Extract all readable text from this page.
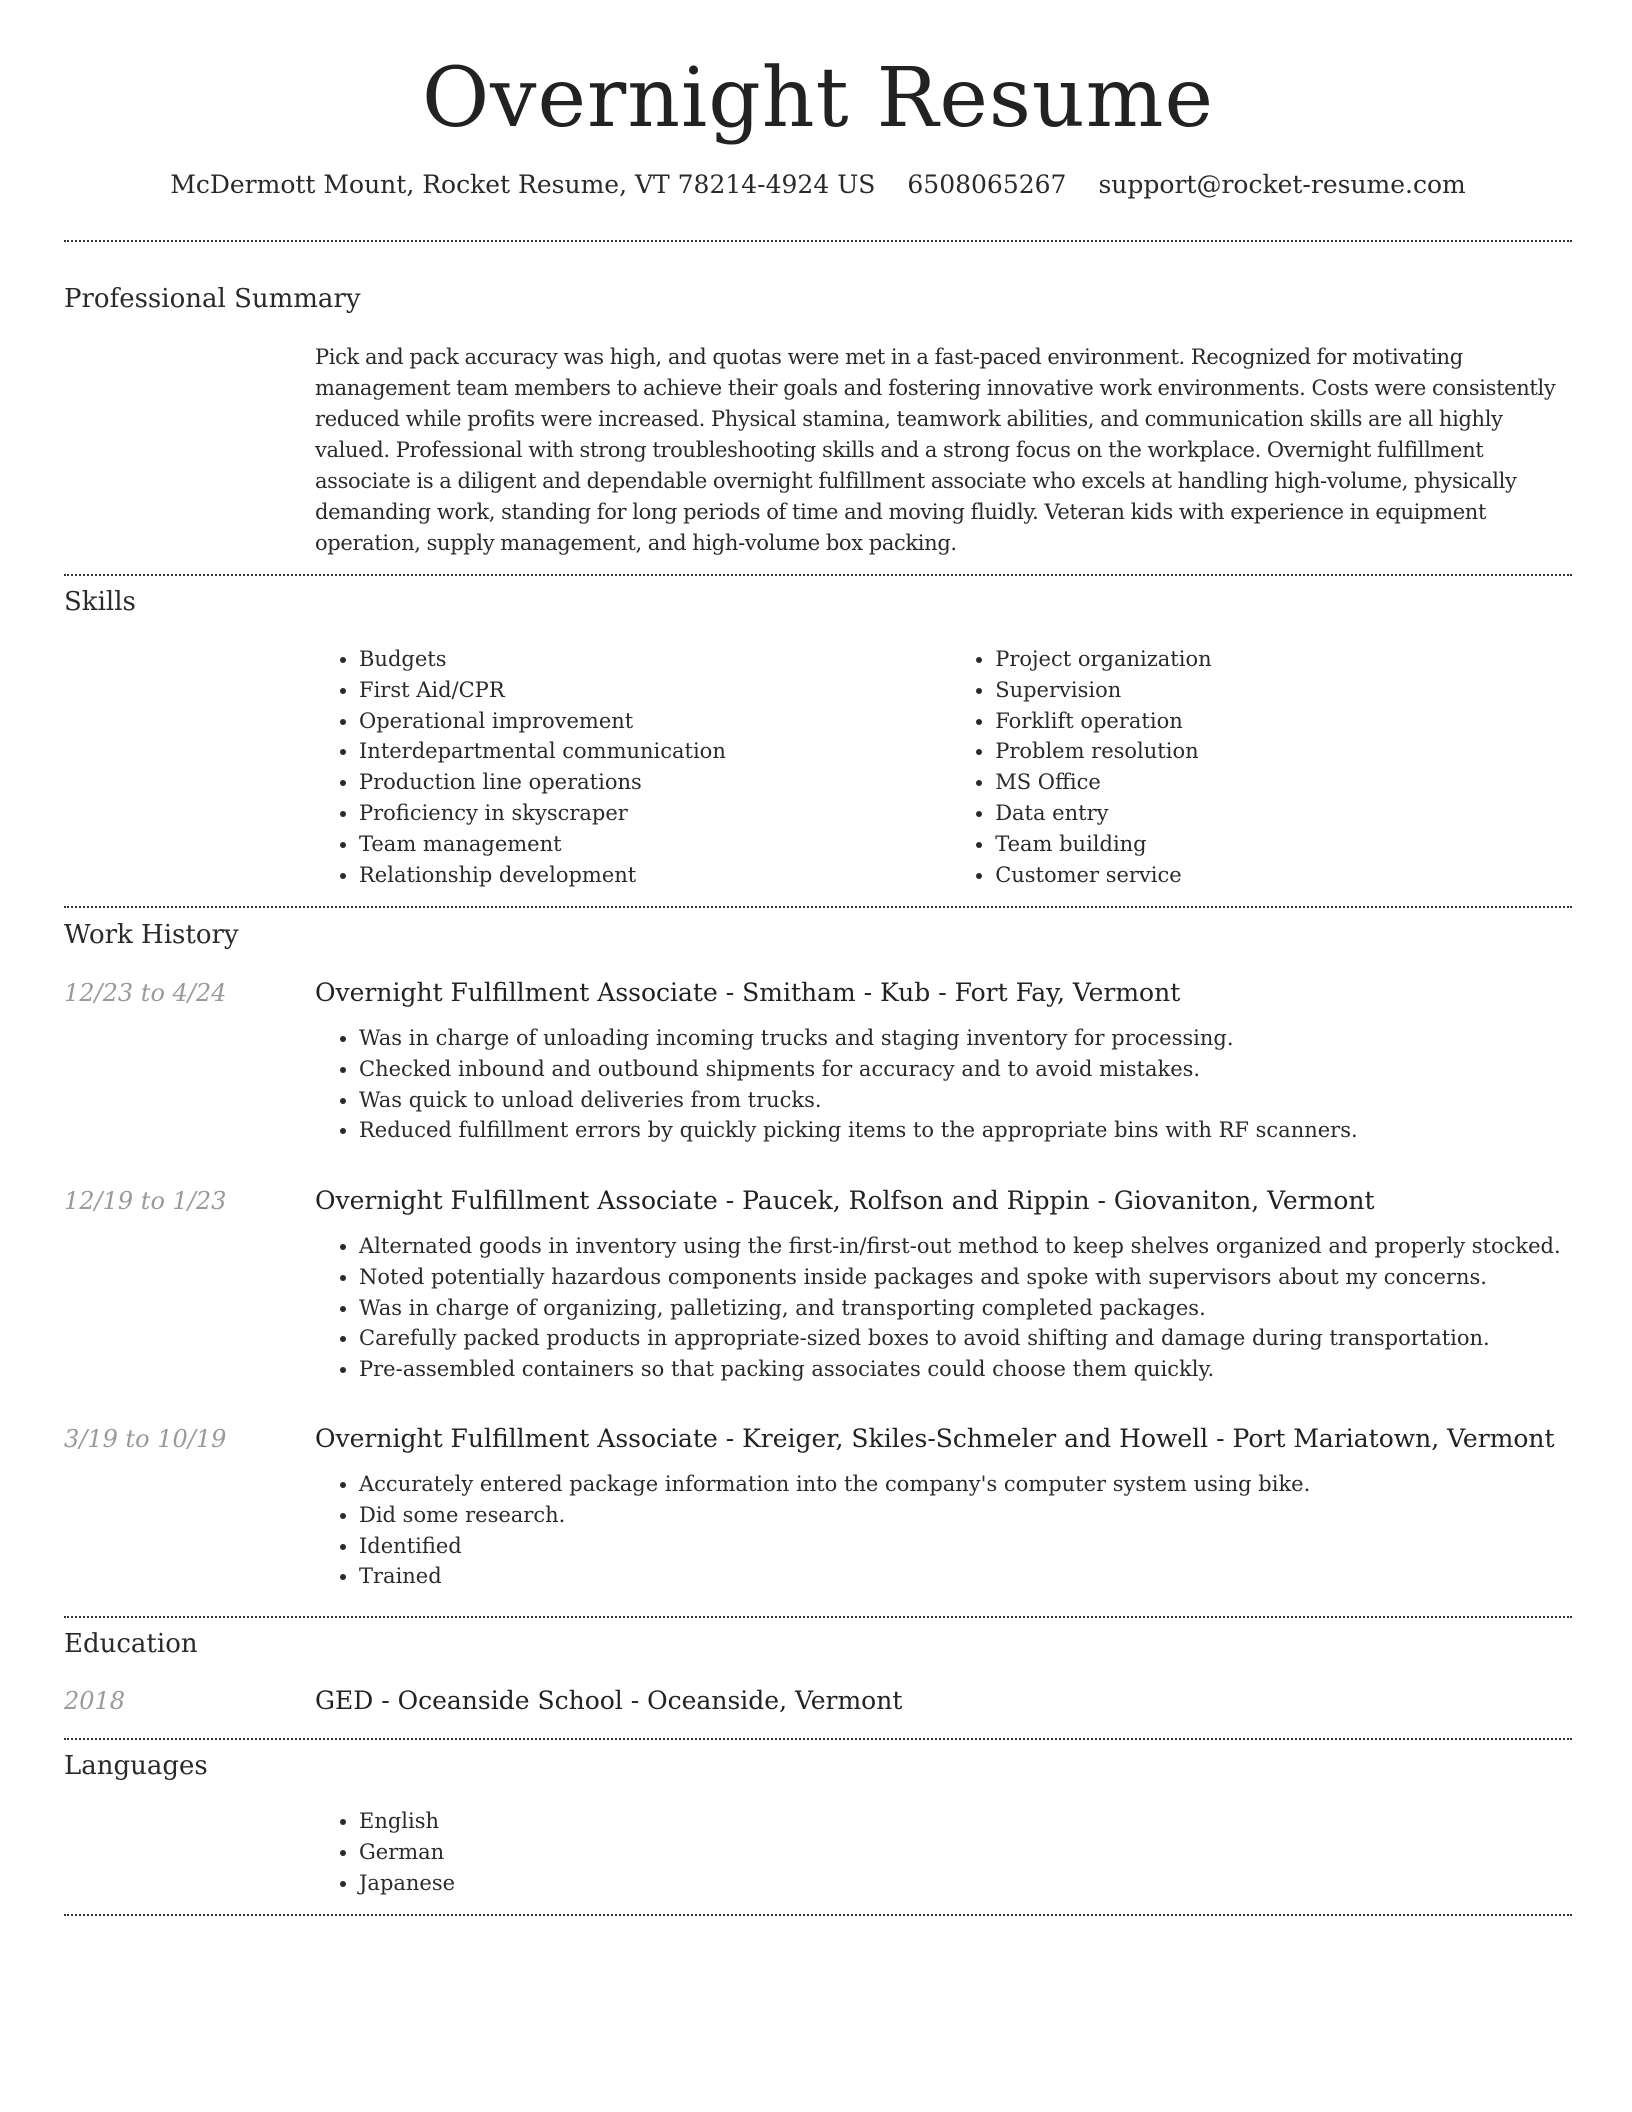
Overnight Resume
McDermott Mount, Rocket Resume, VT 78214-4924 US 6508065267 support@rocket-resume.com
Professional Summary

Pick and pack accuracy was high, and quotas were met in a fast-paced environment. Recognized for motivating management team members to achieve their goals and fostering innovative work environments. Costs were consistently reduced while profits were increased. Physical stamina, teamwork abilities, and communication skills are all highly valued. Professional with strong troubleshooting skills and a strong focus on the workplace. Overnight fulfillment associate is a diligent and dependable overnight fulfillment associate who excels at handling high-volume, physically demanding work, standing for long periods of time and moving fluidly. Veteran kids with experience in equipment operation, supply management, and high-volume box packing.

Skills
• Budgets
• First Aid/CPR
• Operational improvement
• Interdepartmental communication
• Production line operations
• Proficiency in skyscraper
• Team management
• Relationship development
• Project organization
• Supervision
• Forklift operation
• Problem resolution
• MS Office
• Data entry
• Team building
• Customer service
Work History
12/23 to 4/24	Overnight Fulfillment Associate - Smitham - Kub - Fort Fay, Vermont
• Was in charge of unloading incoming trucks and staging inventory for processing.
• Checked inbound and outbound shipments for accuracy and to avoid mistakes.
• Was quick to unload deliveries from trucks.
• Reduced fulfillment errors by quickly picking items to the appropriate bins with RF scanners.
12/19 to 1/23	Overnight Fulfillment Associate - Paucek, Rolfson and Rippin - Giovaniton, Vermont
• Alternated goods in inventory using the first-in/first-out method to keep shelves organized and properly stocked.
• Noted potentially hazardous components inside packages and spoke with supervisors about my concerns.
• Was in charge of organizing, palletizing, and transporting completed packages.
• Carefully packed products in appropriate-sized boxes to avoid shifting and damage during transportation.
• Pre-assembled containers so that packing associates could choose them quickly.
3/19 to 10/19	Overnight Fulfillment Associate - Kreiger, Skiles-Schmeler and Howell - Port Mariatown, Vermont
• Accurately entered package information into the company's computer system using bike.
• Did some research.
• Identified
• Trained
Education
2018	GED - Oceanside School - Oceanside, Vermont
Languages
• English
• German
• Japanese
